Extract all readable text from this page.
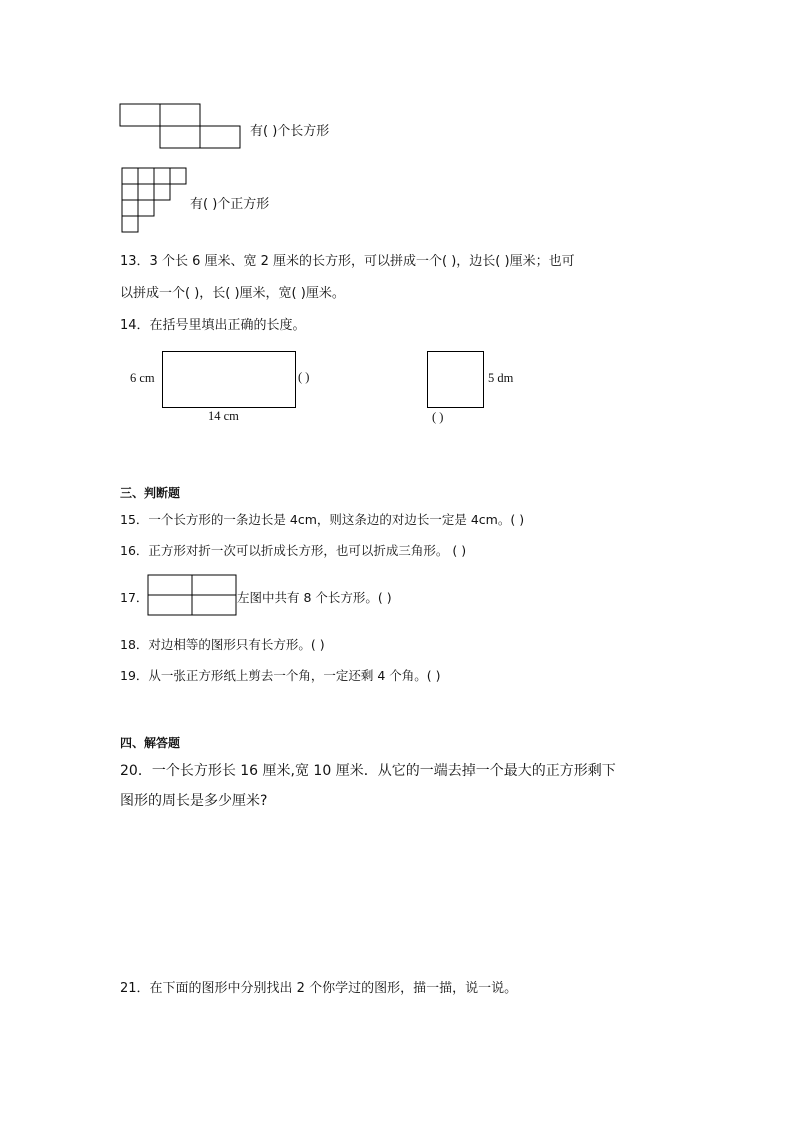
有( )个长方形
有( )个正方形
13．3 个长 6 厘米、宽 2 厘米的长方形，可以拼成一个( )，边长( )厘米；也可
以拼成一个( )，长( )厘米，宽( )厘米。
14．在括号里填出正确的长度。
6 cm
14 cm
( )	5 dm
( )
三、判断题
15．一个长方形的一条边长是 4cm，则这条边的对边长一定是 4cm。( )
16．正方形对折一次可以折成长方形，也可以折成三角形。 ( )
17．	左图中共有 8 个长方形。( )
18．对边相等的图形只有长方形。( )
19．从一张正方形纸上剪去一个角，一定还剩 4 个角。( )
四、解答题
20．一个长方形长 16 厘米,宽 10 厘米．从它的一端去掉一个最大的正方形剩下
图形的周长是多少厘米?
21．在下面的图形中分别找出 2 个你学过的图形，描一描，说一说。
